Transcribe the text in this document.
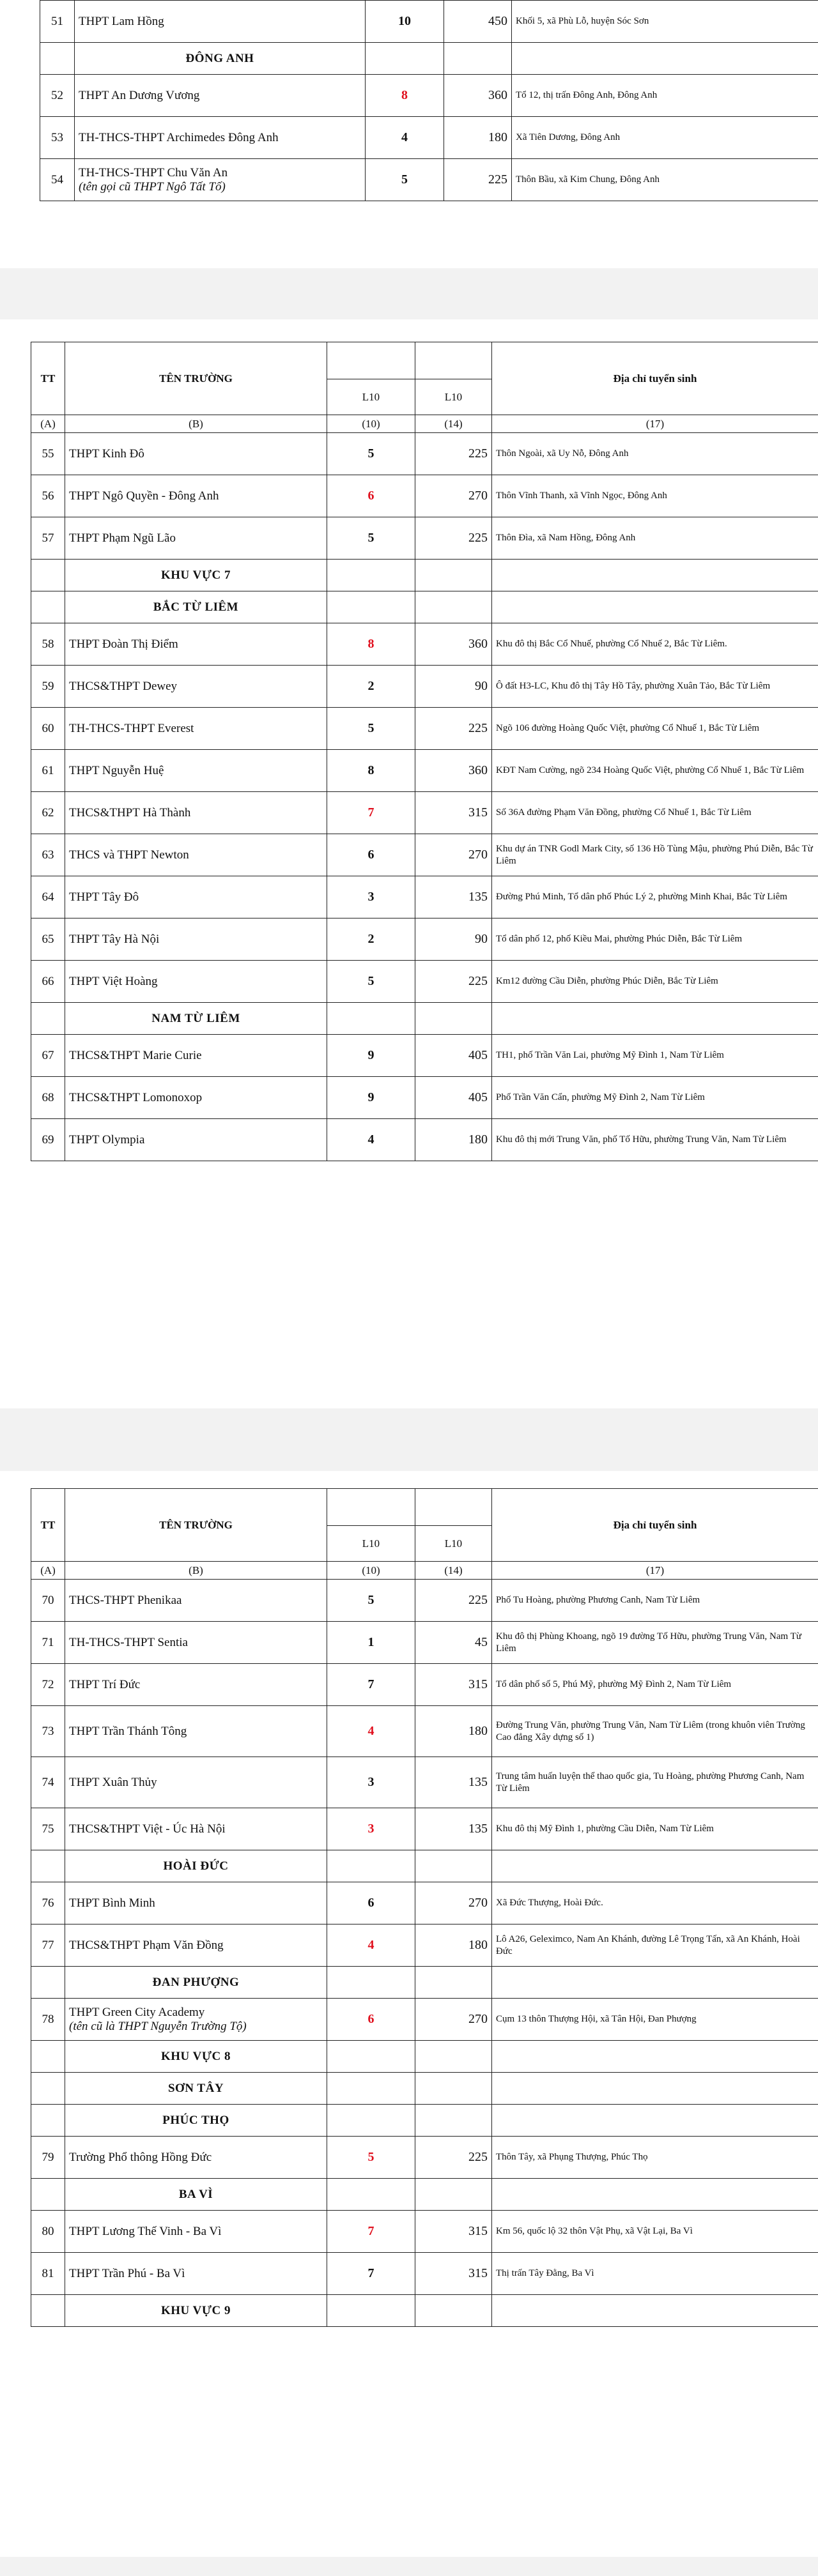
51	THPT Lam Hồng	10	450	Khối 5, xã Phù Lỗ, huyện Sóc Sơn
	ĐÔNG ANH			
52	THPT An Dương Vương	8	360	Tổ 12, thị trấn Đông Anh, Đông Anh
53	TH-THCS-THPT Archimedes Đông Anh	4	180	Xã Tiên Dương, Đông Anh
54	TH-THCS-THPT Chu Văn An
(tên gọi cũ THPT Ngô Tất Tố)	5	225	Thôn Bầu, xã Kim Chung, Đông Anh
TT	TÊN TRƯỜNG			Địa chỉ tuyển sinh
		L10	L10	
(A)	(B)	(10)	(14)	(17)
55	THPT Kinh Đô	5	225	Thôn Ngoài, xã Uy Nỗ, Đông Anh
56	THPT Ngô Quyền - Đông Anh	6	270	Thôn Vĩnh Thanh, xã Vĩnh Ngọc, Đông Anh
57	THPT Phạm Ngũ Lão	5	225	Thôn Đìa, xã Nam Hồng, Đông Anh
	KHU VỰC 7			
	BẮC TỪ LIÊM			
58	THPT Đoàn Thị Điểm	8	360	Khu đô thị Bắc Cổ Nhuế, phường Cổ Nhuế 2, Bắc Từ Liêm.
59	THCS&THPT Dewey	2	90	Ô đất H3-LC, Khu đô thị Tây Hồ Tây, phường Xuân Tảo, Bắc Từ Liêm
60	TH-THCS-THPT Everest	5	225	Ngõ 106 đường Hoàng Quốc Việt, phường Cổ Nhuế 1, Bắc Từ Liêm
61	THPT Nguyễn Huệ	8	360	KĐT Nam Cường, ngõ 234 Hoàng Quốc Việt, phường Cổ Nhuế 1, Bắc Từ Liêm
62	THCS&THPT Hà Thành	7	315	Số 36A đường Phạm Văn Đồng, phường Cổ Nhuế 1, Bắc Từ Liêm
63	THCS và THPT Newton	6	270	Khu dự án TNR Godl Mark City, số 136 Hồ Tùng Mậu, phường Phú Diễn, Bắc Từ Liêm
64	THPT Tây Đô	3	135	Đường Phú Minh, Tổ dân phố Phúc Lý 2, phường Minh Khai, Bắc Từ Liêm
65	THPT Tây Hà Nội	2	90	Tổ dân phố 12, phố Kiều Mai, phường Phúc Diễn, Bắc Từ Liêm
66	THPT Việt Hoàng	5	225	Km12 đường Cầu Diễn, phường Phúc Diễn, Bắc Từ Liêm
	NAM TỪ LIÊM			
67	THCS&THPT Marie Curie	9	405	TH1, phố Trần Văn Lai, phường Mỹ Đình 1, Nam Từ Liêm
68	THCS&THPT Lomonoxop	9	405	Phố Trần Văn Cẩn, phường Mỹ Đình 2, Nam Từ Liêm
69	THPT Olympia	4	180	Khu đô thị mới Trung Văn, phố Tố Hữu, phường Trung Văn, Nam Từ Liêm
TT	TÊN TRƯỜNG			Địa chỉ tuyển sinh
		L10	L10	
(A)	(B)	(10)	(14)	(17)
70	THCS-THPT Phenikaa	5	225	Phố Tu Hoàng, phường Phương Canh, Nam Từ Liêm
71	TH-THCS-THPT Sentia	1	45	Khu đô thị Phùng Khoang, ngõ 19 đường Tố Hữu, phường Trung Văn, Nam Từ Liêm
72	THPT Trí Đức	7	315	Tổ dân phố số 5, Phú Mỹ, phường Mỹ Đình 2, Nam Từ Liêm
73	THPT Trần Thánh Tông	4	180	Đường Trung Văn, phường Trung Văn, Nam Từ Liêm (trong khuôn viên Trường Cao đẳng Xây dựng số 1)
74	THPT Xuân Thủy	3	135	Trung tâm huấn luyện thể thao quốc gia, Tu Hoàng, phường Phương Canh, Nam Từ Liêm
75	THCS&THPT Việt - Úc Hà Nội	3	135	Khu đô thị Mỹ Đình 1, phường Cầu Diễn, Nam Từ Liêm
	HOÀI ĐỨC			
76	THPT Bình Minh	6	270	Xã Đức Thượng, Hoài Đức.
77	THCS&THPT Phạm Văn Đồng	4	180	Lô A26, Geleximco, Nam An Khánh, đường Lê Trọng Tấn, xã An Khánh, Hoài Đức
	ĐAN PHƯỢNG			
78	THPT Green City Academy
(tên cũ là THPT Nguyễn Trường Tộ)	6	270	Cụm 13 thôn Thượng Hội, xã Tân Hội, Đan Phượng
	KHU VỰC 8			
	SƠN TÂY			
	PHÚC THỌ			
79	Trường Phổ thông Hồng Đức	5	225	Thôn Tây, xã Phụng Thượng, Phúc Thọ
	BA VÌ			
80	THPT Lương Thế Vinh - Ba Vì	7	315	Km 56, quốc lộ 32 thôn Vật Phụ, xã Vật Lại, Ba Vì
81	THPT Trần Phú - Ba Vì	7	315	Thị trấn Tây Đằng, Ba Vì
	KHU VỰC 9			
